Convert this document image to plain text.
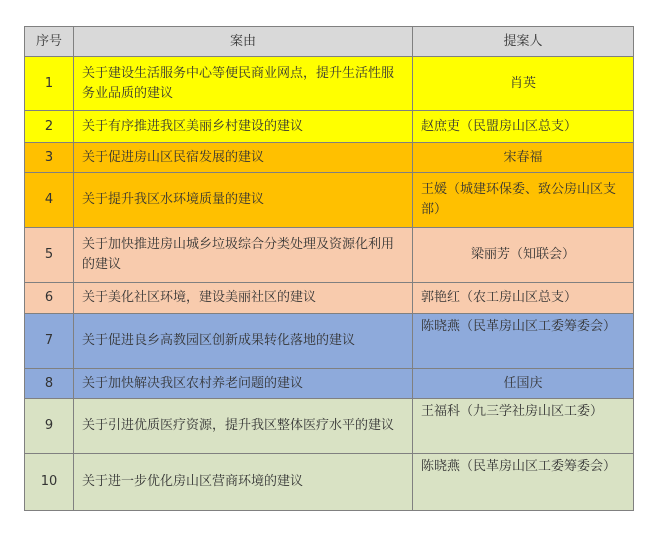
序号	案由	提案人
1	关于建设生活服务中心等便民商业网点，提升生活性服务业品质的建议	肖英
2	关于有序推进我区美丽乡村建设的建议	赵庶吏（民盟房山区总支）
3	关于促进房山区民宿发展的建议	宋春福
4	关于提升我区水环境质量的建议	王媛（城建环保委、致公房山区支部）
5	关于加快推进房山城乡垃圾综合分类处理及资源化利用的建议	梁丽芳（知联会）
6	关于美化社区环境，建设美丽社区的建议	郭艳红（农工房山区总支）
7	关于促进良乡高教园区创新成果转化落地的建议	陈晓燕（民革房山区工委筹委会）
8	关于加快解决我区农村养老问题的建议	任国庆
9	关于引进优质医疗资源，提升我区整体医疗水平的建议	王福科（九三学社房山区工委）
10	关于进一步优化房山区营商环境的建议	陈晓燕（民革房山区工委筹委会）
